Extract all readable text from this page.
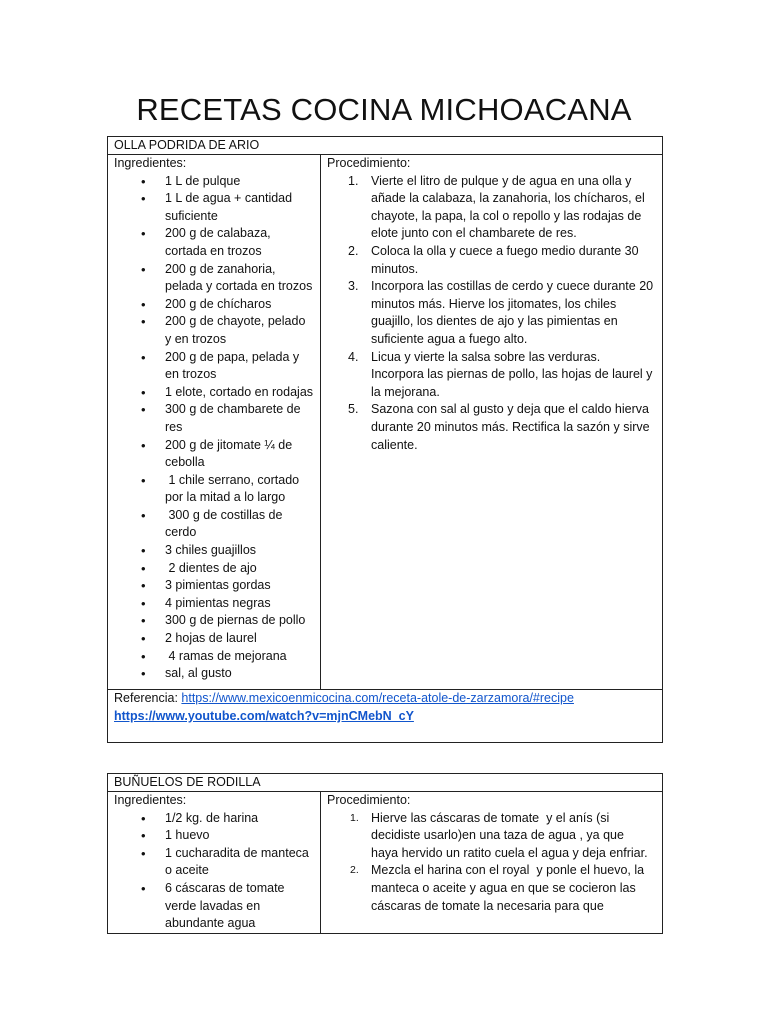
RECETAS COCINA MICHOACANA
OLLA PODRIDA DE ARIO

Ingredientes:
• 1 L de pulque
• 1 L de agua + cantidad suficiente
• 200 g de calabaza, cortada en trozos
• 200 g de zanahoria, pelada y cortada en trozos
• 200 g de chícharos
• 200 g de chayote, pelado y en trozos
• 200 g de papa, pelada y en trozos
• 1 elote, cortado en rodajas
• 300 g de chambarete de res
• 200 g de jitomate ¼ de cebolla
•  1 chile serrano, cortado por la mitad a lo largo
•  300 g de costillas de cerdo
• 3 chiles guajillos
•  2 dientes de ajo
• 3 pimientas gordas
• 4 pimientas negras
• 300 g de piernas de pollo
• 2 hojas de laurel
•  4 ramas de mejorana
• sal, al gusto

Procedimiento:
1. Vierte el litro de pulque y de agua en una olla y añade la calabaza, la zanahoria, los chícharos, el chayote, la papa, la col o repollo y las rodajas de elote junto con el chambarete de res.
2. Coloca la olla y cuece a fuego medio durante 30 minutos.
3. Incorpora las costillas de cerdo y cuece durante 20 minutos más. Hierve los jitomates, los chiles guajillo, los dientes de ajo y las pimientas en suficiente agua a fuego alto.
4. Licua y vierte la salsa sobre las verduras. Incorpora las piernas de pollo, las hojas de laurel y la mejorana.
5. Sazona con sal al gusto y deja que el caldo hierva durante 20 minutos más. Rectifica la sazón y sirve caliente.

Referencia: https://www.mexicoenmicocina.com/receta-atole-de-zarzamora/#recipe
https://www.youtube.com/watch?v=mjnCMebN_cY
BUÑUELOS DE RODILLA

Ingredientes:
• 1/2 kg. de harina
• 1 huevo
• 1 cucharadita de manteca o aceite
• 6 cáscaras de tomate verde lavadas en abundante agua

Procedimiento:
1. Hierve las cáscaras de tomate  y el anís (si decidiste usarlo)en una taza de agua , ya que haya hervido un ratito cuela el agua y deja enfriar.
2. Mezcla el harina con el royal  y ponle el huevo, la manteca o aceite y agua en que se cocieron las cáscaras de tomate la necesaria para que
